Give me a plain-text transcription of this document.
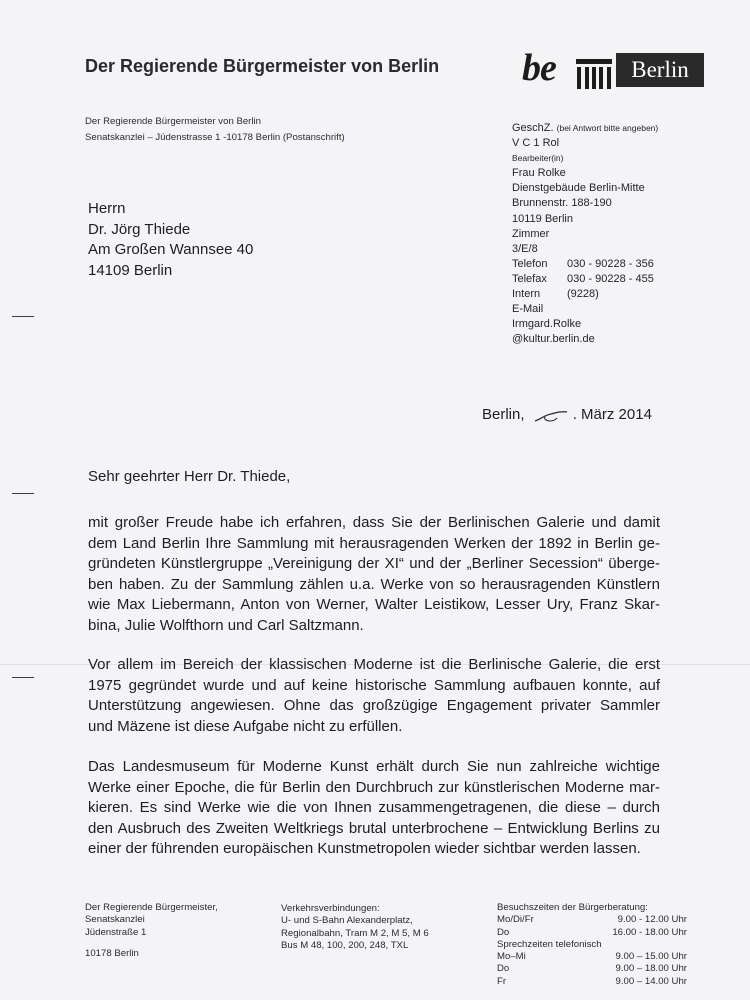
Der Regierende Bürgermeister von Berlin be	Berlin
Der Regierende Bürgermeister von Berlin
Senatskanzlei – Jüdenstrasse 1 -10178 Berlin (Postanschrift)
Herrn
Dr. Jörg Thiede
Am Großen Wannsee 40
14109 Berlin
GeschZ. (bei Antwort bitte angeben)
V C 1 Rol
Bearbeiter(in)
Frau Rolke
Dienstgebäude Berlin-Mitte
Brunnenstr. 188-190
10119 Berlin
Zimmer
3/E/8
Telefon 030 - 90228 - 356
Telefax 030 - 90228 - 455
Intern (9228)
E-Mail
Irmgard.Rolke
@kultur.berlin.de
Berlin,	. März 2014
Sehr geehrter Herr Dr. Thiede,
mit großer Freude habe ich erfahren, dass Sie der Berlinischen Galerie und damit
dem Land Berlin Ihre Sammlung mit herausragenden Werken der 1892 in Berlin ge-
gründeten Künstlergruppe „Vereinigung der XI“ und der „Berliner Secession“ überge-
ben haben. Zu der Sammlung zählen u.a. Werke von so herausragenden Künstlern
wie Max Liebermann, Anton von Werner, Walter Leistikow, Lesser Ury, Franz Skar-
bina, Julie Wolfthorn und Carl Saltzmann.
Vor allem im Bereich der klassischen Moderne ist die Berlinische Galerie, die erst
1975 gegründet wurde und auf keine historische Sammlung aufbauen konnte, auf
Unterstützung angewiesen. Ohne das großzügige Engagement privater Sammler
und Mäzene ist diese Aufgabe nicht zu erfüllen.
Das Landesmuseum für Moderne Kunst erhält durch Sie nun zahlreiche wichtige
Werke einer Epoche, die für Berlin den Durchbruch zur künstlerischen Moderne mar-
kieren. Es sind Werke wie die von Ihnen zusammengetragenen, die diese – durch
den Ausbruch des Zweiten Weltkriegs brutal unterbrochene – Entwicklung Berlins zu
einer der führenden europäischen Kunstmetropolen wieder sichtbar werden lassen.
Der Regierende Bürgermeister,
Senatskanzlei
Jüdenstraße 1
10178 Berlin
Verkehrsverbindungen:
U- und S-Bahn Alexanderplatz,
Regionalbahn, Tram M 2, M 5, M 6
Bus M 48, 100, 200, 248, TXL
Besuchszeiten der Bürgerberatung:
Mo/Di/Fr	9.00 - 12.00 Uhr
Do	16.00 - 18.00 Uhr
Sprechzeiten telefonisch
Mo–Mi	9.00 – 15.00 Uhr
Do	9.00 – 18.00 Uhr
Fr	9.00 – 14.00 Uhr
